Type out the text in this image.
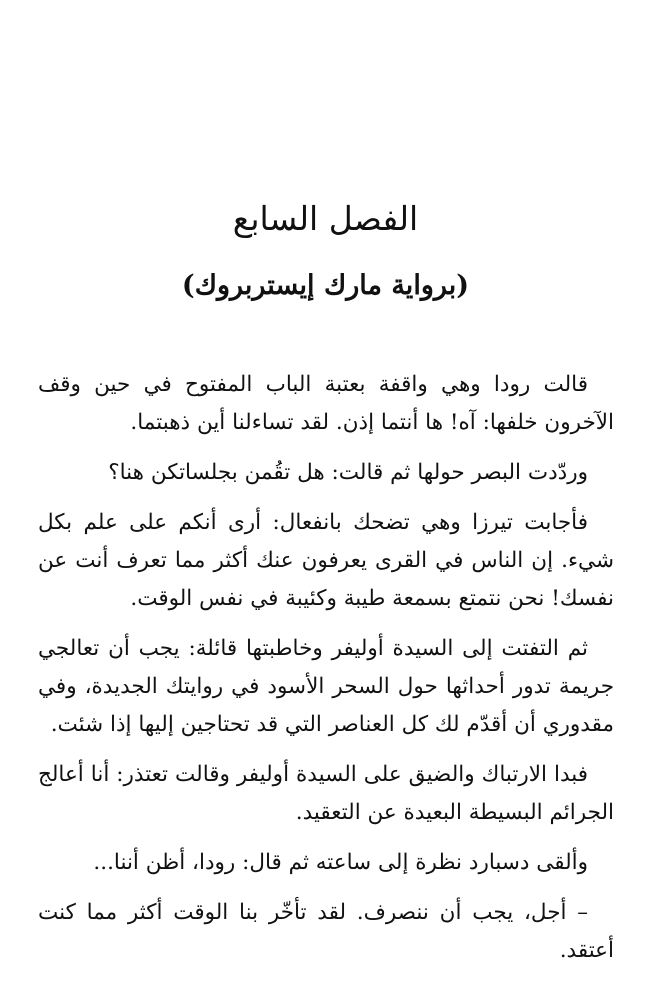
الفصل السابع
(برواية مارك إيستربروك)

قالت رودا وهي واقفة بعتبة الباب المفتوح في حين وقف الآخرون خلفها: آه! ها أنتما إذن. لقد تساءلنا أين ذهبتما.

وردّدت البصر حولها ثم قالت: هل تقُمن بجلساتكن هنا؟

فأجابت تيرزا وهي تضحك بانفعال: أرى أنكم على علم بكل شيء. إن الناس في القرى يعرفون عنك أكثر مما تعرف أنت عن نفسك! نحن نتمتع بسمعة طيبة وكئيبة في نفس الوقت.

ثم التفتت إلى السيدة أوليفر وخاطبتها قائلة: يجب أن تعالجي جريمة تدور أحداثها حول السحر الأسود في روايتك الجديدة، وفي مقدوري أن أقدّم لك كل العناصر التي قد تحتاجين إليها إذا شئت.

فبدا الارتباك والضيق على السيدة أوليفر وقالت تعتذر: أنا أعالج الجرائم البسيطة البعيدة عن التعقيد.

وألقى دسبارد نظرة إلى ساعته ثم قال: رودا، أظن أننا...

– أجل، يجب أن ننصرف. لقد تأخّر بنا الوقت أكثر مما كنت أعتقد.
